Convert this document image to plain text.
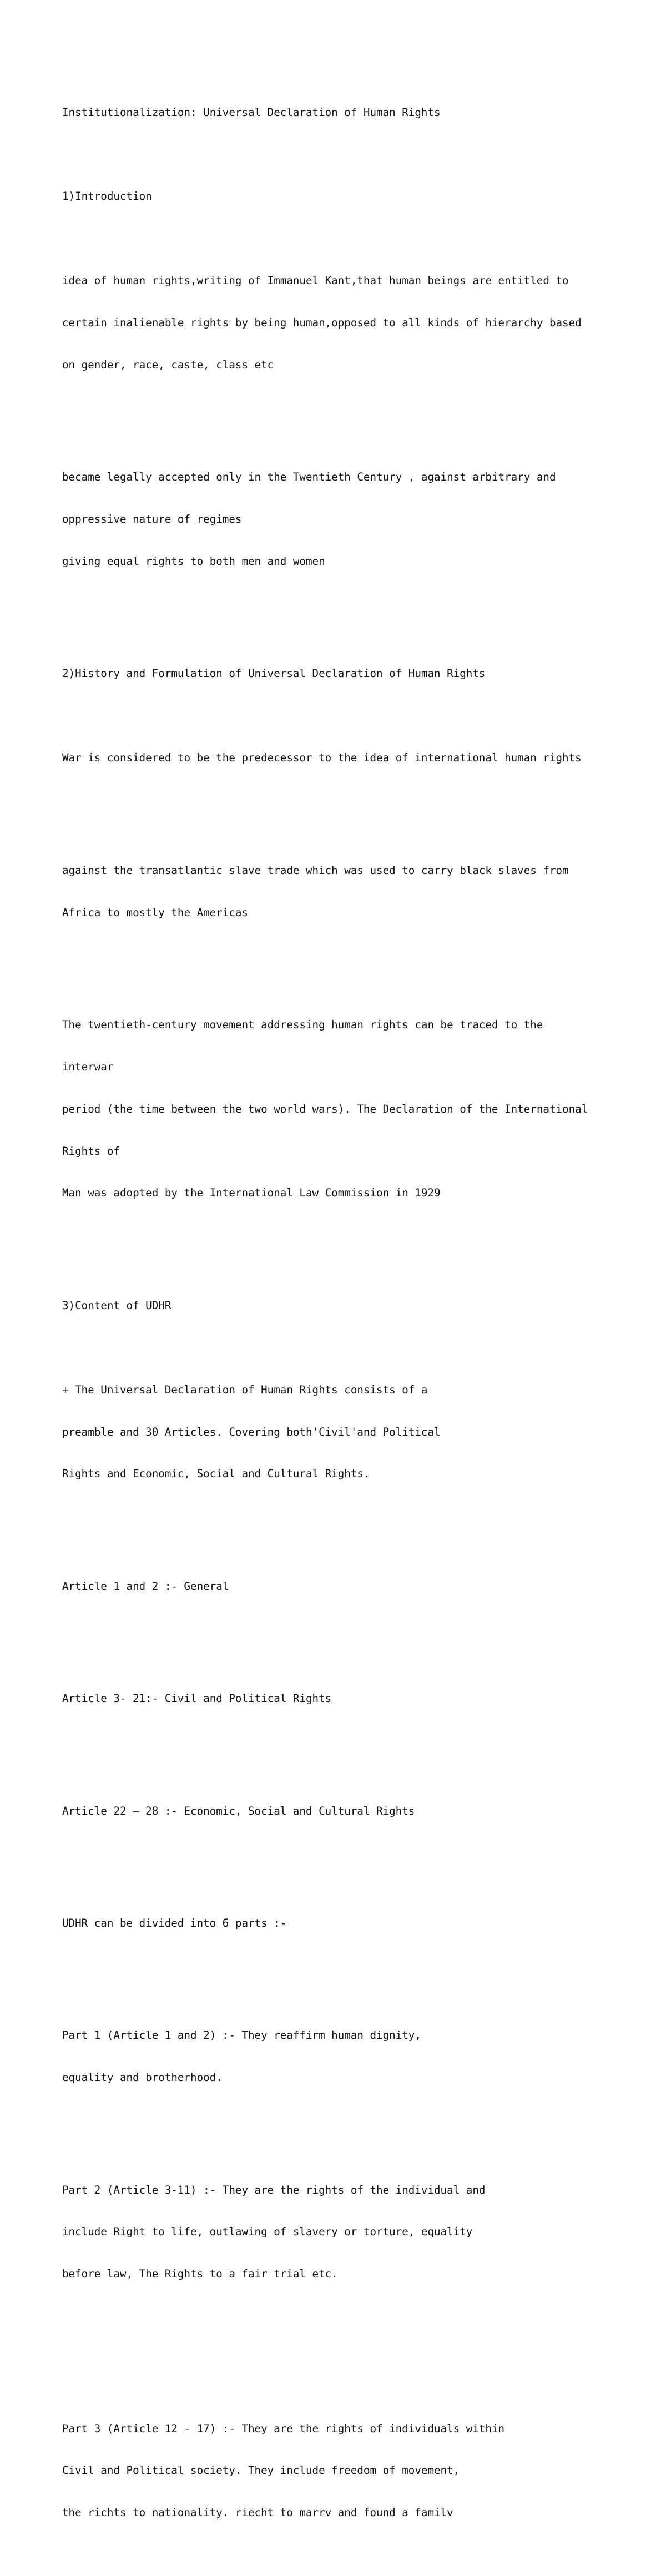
Institutionalization: Universal Declaration of Human Rights

1)Introduction

idea of human rights,writing of Immanuel Kant,that human beings are entitled to

certain inalienable rights by being human,opposed to all kinds of hierarchy based

on gender, race, caste, class etc

became legally accepted only in the Twentieth Century , against arbitrary and

oppressive nature of regimes

giving equal rights to both men and women

2)History and Formulation of Universal Declaration of Human Rights

War is considered to be the predecessor to the idea of international human rights

against the transatlantic slave trade which was used to carry black slaves from

Africa to mostly the Americas

The twentieth-century movement addressing human rights can be traced to the

interwar

period (the time between the two world wars). The Declaration of the International

Rights of

Man was adopted by the International Law Commission in 1929

3)Content of UDHR

+ The Universal Declaration of Human Rights consists of a

preamble and 30 Articles. Covering both'Civil'and Political

Rights and Economic, Social and Cultural Rights.

Article 1 and 2 :- General

Article 3- 21:- Civil and Political Rights

Article 22 – 28 :- Economic, Social and Cultural Rights

UDHR can be divided into 6 parts :-

Part 1 (Article 1 and 2) :- They reaffirm human dignity,

equality and brotherhood.

Part 2 (Article 3-11) :- They are the rights of the individual and

include Right to life, outlawing of slavery or torture, equality

before law, The Rights to a fair trial etc.

Part 3 (Article 12 - 17) :- They are the rights of individuals within

Civil and Political society. They include freedom of movement,

the richts to nationality. riecht to marrv and found a familv
